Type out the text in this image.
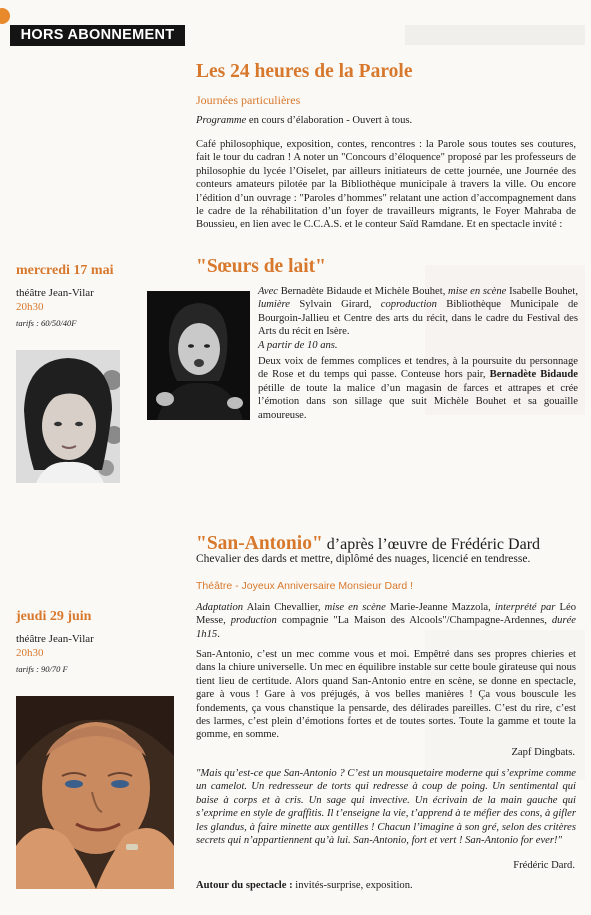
HORS ABONNEMENT
Les 24 heures de la Parole
Journées particulières
Programme en cours d’élaboration - Ouvert à tous.
Café philosophique, exposition, contes, rencontres : la Parole sous toutes ses coutures, fait le tour du cadran ! A noter un "Concours d’éloquence" proposé par les professeurs de philosophie du lycée l’Oiselet, par ailleurs initiateurs de cette journée, une Journée des conteurs amateurs pilotée par la Bibliothèque municipale à travers la ville. Ou encore l’édition d’un ouvrage : "Paroles d’hommes" relatant une action d’accompagnement dans le cadre de la réhabilitation d’un foyer de travailleurs migrants, le Foyer Mahraba de Boussieu, en lien avec le C.C.A.S. et le conteur Saïd Ramdane. Et en spectacle invité :
mercredi 17 mai
théâtre Jean-Vilar
20h30
tarifs : 60/50/40F
"Sœurs de lait"
Avec Bernadète Bidaude et Michèle Bouhet, mise en scène Isabelle Bouhet, lumière Sylvain Girard, coproduction Bibliothèque Municipale de Bourgoin-Jallieu et Centre des arts du récit, dans le cadre du Festival des Arts du récit en Isère.
A partir de 10 ans.
Deux voix de femmes complices et tendres, à la poursuite du personnage de Rose et du temps qui passe. Conteuse hors pair, Bernadète Bidaude pétille de toute la malice d’un magasin de farces et attrapes et crée l’émotion dans son sillage que suit Michèle Bouhet et sa gouaille amoureuse.
"San-Antonio" d’après l’œuvre de Frédéric Dard
Chevalier des dards et mettre, diplômé des nuages, licencié en tendresse.
Théâtre - Joyeux Anniversaire Monsieur Dard !
jeudi 29 juin
théâtre Jean-Vilar
20h30
tarifs : 90/70 F
Adaptation Alain Chevallier, mise en scène Marie-Jeanne Mazzola, interprété par Léo Messe, production compagnie "La Maison des Alcools"/Champagne-Ardennes, durée 1h15.
San-Antonio, c’est un mec comme vous et moi. Empêtré dans ses propres chieries et dans la chiure universelle. Un mec en équilibre instable sur cette boule girateuse qui nous tient lieu de certitude. Alors quand San-Antonio entre en scène, se donne en spectacle, gare à vous ! Gare à vos préjugés, à vos belles manières ! Ça vous bouscule les fondements, ça vous chanstique la pensarde, des délirades pareilles. C’est du rire, c’est des larmes, c’est plein d’émotions fortes et de toutes sortes. Toute la gamme et toute la gomme, en somme.
Zapf Dingbats.
"Mais qu’est-ce que San-Antonio ? C’est un mousquetaire moderne qui s’exprime comme un camelot. Un redresseur de torts qui redresse à coup de poing. Un sentimental qui baise à corps et à cris. Un sage qui invective. Un écrivain de la main gauche qui s’exprime en style de graffitis. Il t’enseigne la vie, t’apprend à te méfier des cons, à gifler les glandus, à faire minette aux gentilles ! Chacun l’imagine à son gré, selon des critères secrets qui n’appartiennent qu’à lui. San-Antonio, fort et vert ! San-Antonio for ever!"
Frédéric Dard.
Autour du spectacle : invités-surprise, exposition.
